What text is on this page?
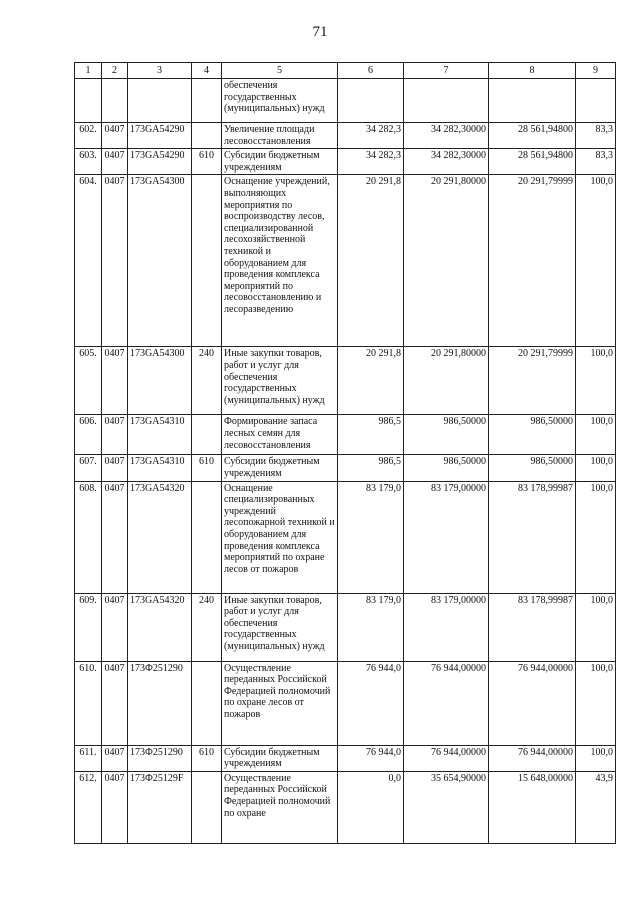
71
1	2	3	4	5	6	7	8	9
				обеспечения государственных (муниципальных) нужд				
602.	0407	173GA54290		Увеличение площади лесовосстановления	34 282,3	34 282,30000	28 561,94800	83,3
603.	0407	173GA54290	610	Субсидии бюджетным учреждениям	34 282,3	34 282,30000	28 561,94800	83,3
604.	0407	173GA54300		Оснащение учреждений, выполняющих мероприятия по воспроизводству лесов, специализированной лесохозяйственной техникой и оборудованием для проведения комплекса мероприятий по лесовосстановлению и лесоразведению	20 291,8	20 291,80000	20 291,79999	100,0
605.	0407	173GA54300	240	Иные закупки товаров, работ и услуг для обеспечения государственных (муниципальных) нужд	20 291,8	20 291,80000	20 291,79999	100,0
606.	0407	173GA54310		Формирование запаса лесных семян для лесовосстановления	986,5	986,50000	986,50000	100,0
607.	0407	173GA54310	610	Субсидии бюджетным учреждениям	986,5	986,50000	986,50000	100,0
608.	0407	173GA54320		Оснащение специализированных учреждений лесопожарной техникой и оборудованием для проведения комплекса мероприятий по охране лесов от пожаров	83 179,0	83 179,00000	83 178,99987	100,0
609.	0407	173GA54320	240	Иные закупки товаров, работ и услуг для обеспечения государственных (муниципальных) нужд	83 179,0	83 179,00000	83 178,99987	100,0
610.	0407	173Ф251290		Осуществление переданных Российской Федерацией полномочий по охране лесов от пожаров	76 944,0	76 944,00000	76 944,00000	100,0
611.	0407	173Ф251290	610	Субсидии бюджетным учреждениям	76 944,0	76 944,00000	76 944,00000	100,0
612.	0407	173Ф25129F		Осуществление переданных Российской Федерацией полномочий по охране	0,0	35 654,90000	15 648,00000	43,9
